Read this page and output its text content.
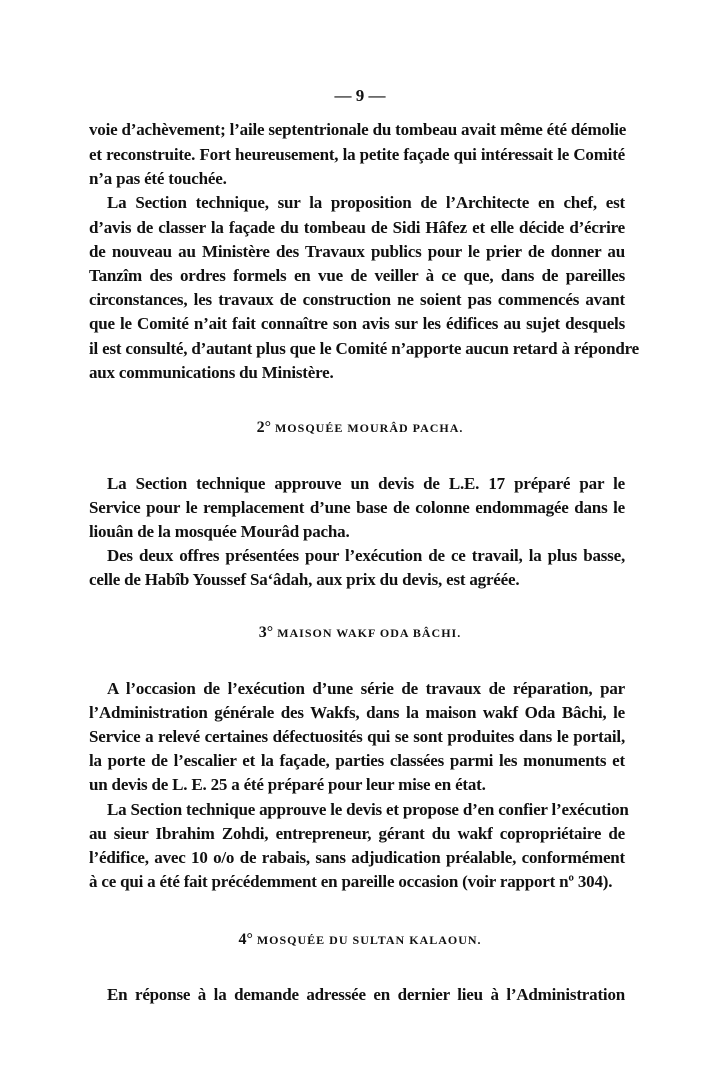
— 9 —
voie d’achèvement; l’aile septentrionale du tombeau avait même été démolie
et reconstruite. Fort heureusement, la petite façade qui intéressait le Comité
n’a pas été touchée.
La Section technique, sur la proposition de l’Architecte en chef, est
d’avis de classer la façade du tombeau de Sidi Hâfez et elle décide d’écrire
de nouveau au Ministère des Travaux publics pour le prier de donner au
Tanzîm des ordres formels en vue de veiller à ce que, dans de pareilles
circonstances, les travaux de construction ne soient pas commencés avant
que le Comité n’ait fait connaître son avis sur les édifices au sujet desquels
il est consulté, d’autant plus que le Comité n’apporte aucun retard à répondre
aux communications du Ministère.
2° MOSQUÉE MOURÂD PACHA.
La Section technique approuve un devis de L.E. 17 préparé par le
Service pour le remplacement d’une base de colonne endommagée dans le
liouân de la mosquée Mourâd pacha.
Des deux offres présentées pour l’exécution de ce travail, la plus basse,
celle de Habîb Youssef Sa‘âdah, aux prix du devis, est agréée.
3° MAISON WAKF ODA BÂCHI.
A l’occasion de l’exécution d’une série de travaux de réparation, par
l’Administration générale des Wakfs, dans la maison wakf Oda Bâchi, le
Service a relevé certaines défectuosités qui se sont produites dans le portail,
la porte de l’escalier et la façade, parties classées parmi les monuments et
un devis de L. E. 25 a été préparé pour leur mise en état.
La Section technique approuve le devis et propose d’en confier l’exécution
au sieur Ibrahim Zohdi, entrepreneur, gérant du wakf copropriétaire de
l’édifice, avec 10 o/o de rabais, sans adjudication préalable, conformément
à ce qui a été fait précédemment en pareille occasion (voir rapport nº 304).
4° MOSQUÉE DU SULTAN KALAOUN.
En réponse à la demande adressée en dernier lieu à l’Administration
